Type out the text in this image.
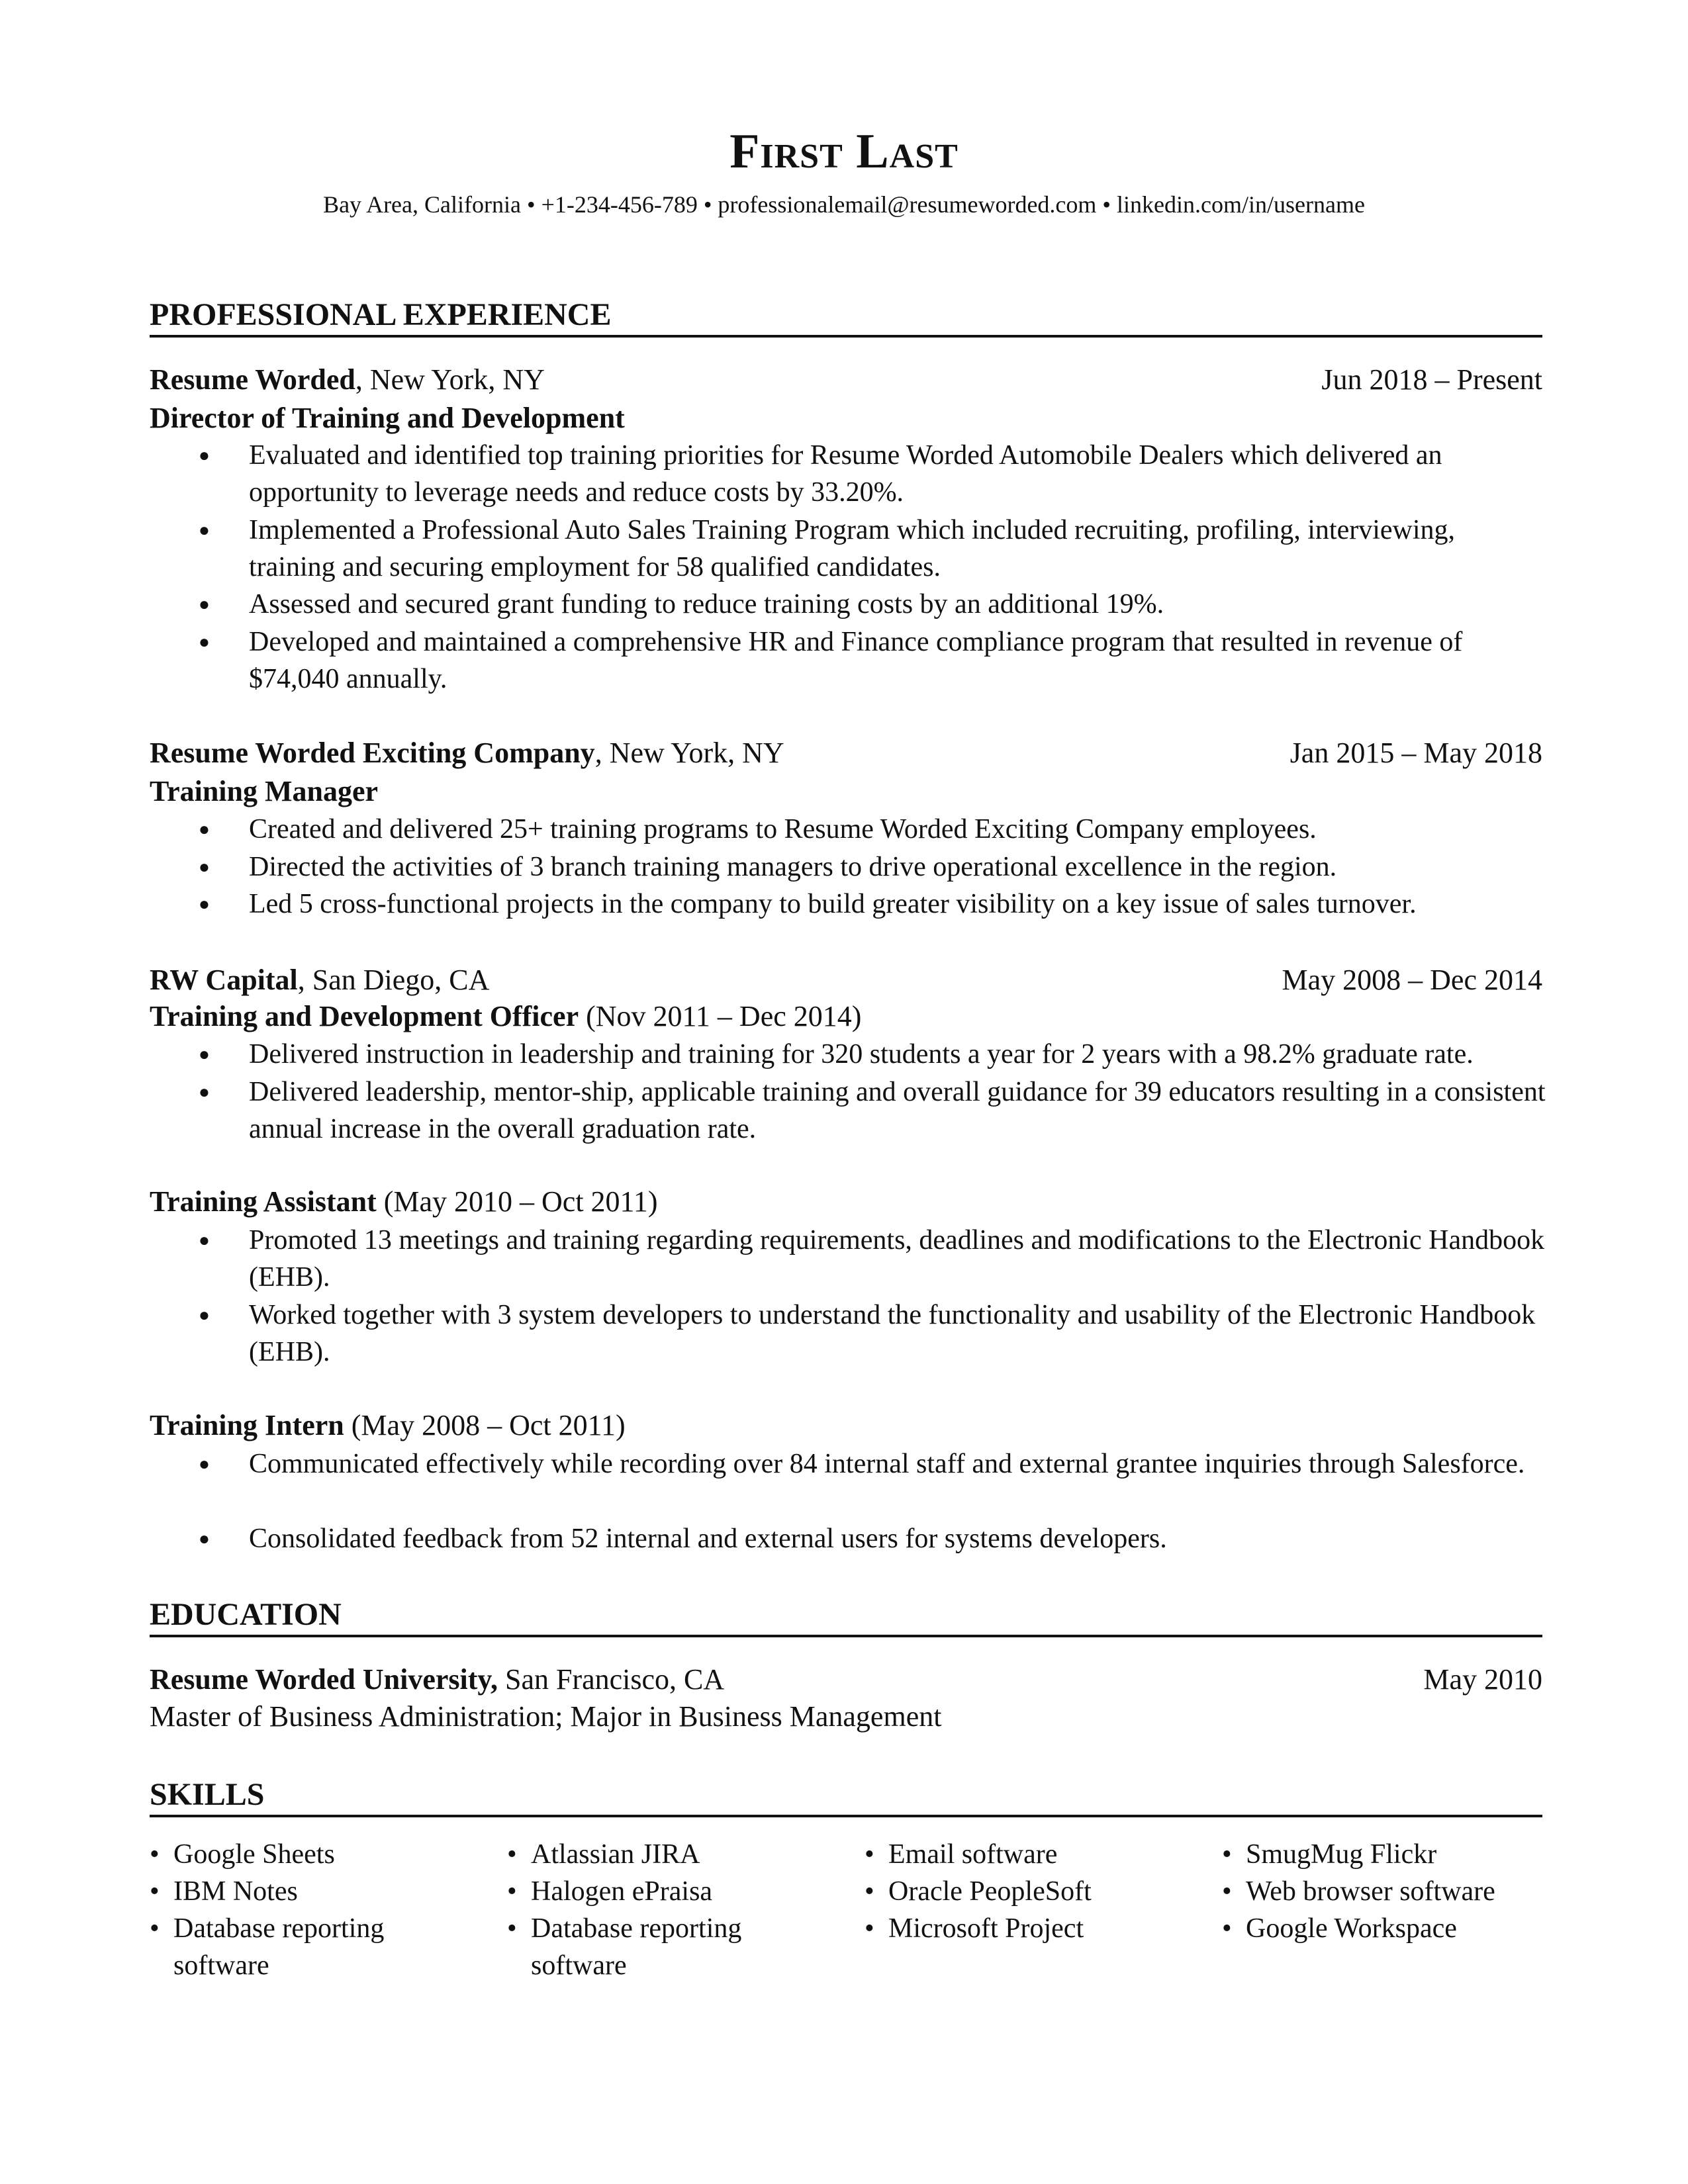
First Last
Bay Area, California • +1-234-456-789 • professionalemail@resumeworded.com • linkedin.com/in/username
PROFESSIONAL EXPERIENCE
Resume Worded, New York, NY	Jun 2018 – Present
Director of Training and Development
● Evaluated and identified top training priorities for Resume Worded Automobile Dealers which delivered an opportunity to leverage needs and reduce costs by 33.20%.
● Implemented a Professional Auto Sales Training Program which included recruiting, profiling, interviewing, training and securing employment for 58 qualified candidates.
● Assessed and secured grant funding to reduce training costs by an additional 19%.
● Developed and maintained a comprehensive HR and Finance compliance program that resulted in revenue of $74,040 annually.
Resume Worded Exciting Company, New York, NY	Jan 2015 – May 2018
Training Manager
● Created and delivered 25+ training programs to Resume Worded Exciting Company employees.
● Directed the activities of 3 branch training managers to drive operational excellence in the region.
● Led 5 cross-functional projects in the company to build greater visibility on a key issue of sales turnover.
RW Capital, San Diego, CA	May 2008 – Dec 2014
Training and Development Officer (Nov 2011 – Dec 2014)
● Delivered instruction in leadership and training for 320 students a year for 2 years with a 98.2% graduate rate.
● Delivered leadership, mentor-ship, applicable training and overall guidance for 39 educators resulting in a consistent annual increase in the overall graduation rate.
Training Assistant (May 2010 – Oct 2011)
● Promoted 13 meetings and training regarding requirements, deadlines and modifications to the Electronic Handbook (EHB).
● Worked together with 3 system developers to understand the functionality and usability of the Electronic Handbook (EHB).
Training Intern (May 2008 – Oct 2011)
● Communicated effectively while recording over 84 internal staff and external grantee inquiries through Salesforce.
● Consolidated feedback from 52 internal and external users for systems developers.
EDUCATION
Resume Worded University, San Francisco, CA	May 2010
Master of Business Administration; Major in Business Management
SKILLS
• Google Sheets
• IBM Notes
• Database reporting software
• Atlassian JIRA
• Halogen ePraisa
• Database reporting software
• Email software
• Oracle PeopleSoft
• Microsoft Project
• SmugMug Flickr
• Web browser software
• Google Workspace
